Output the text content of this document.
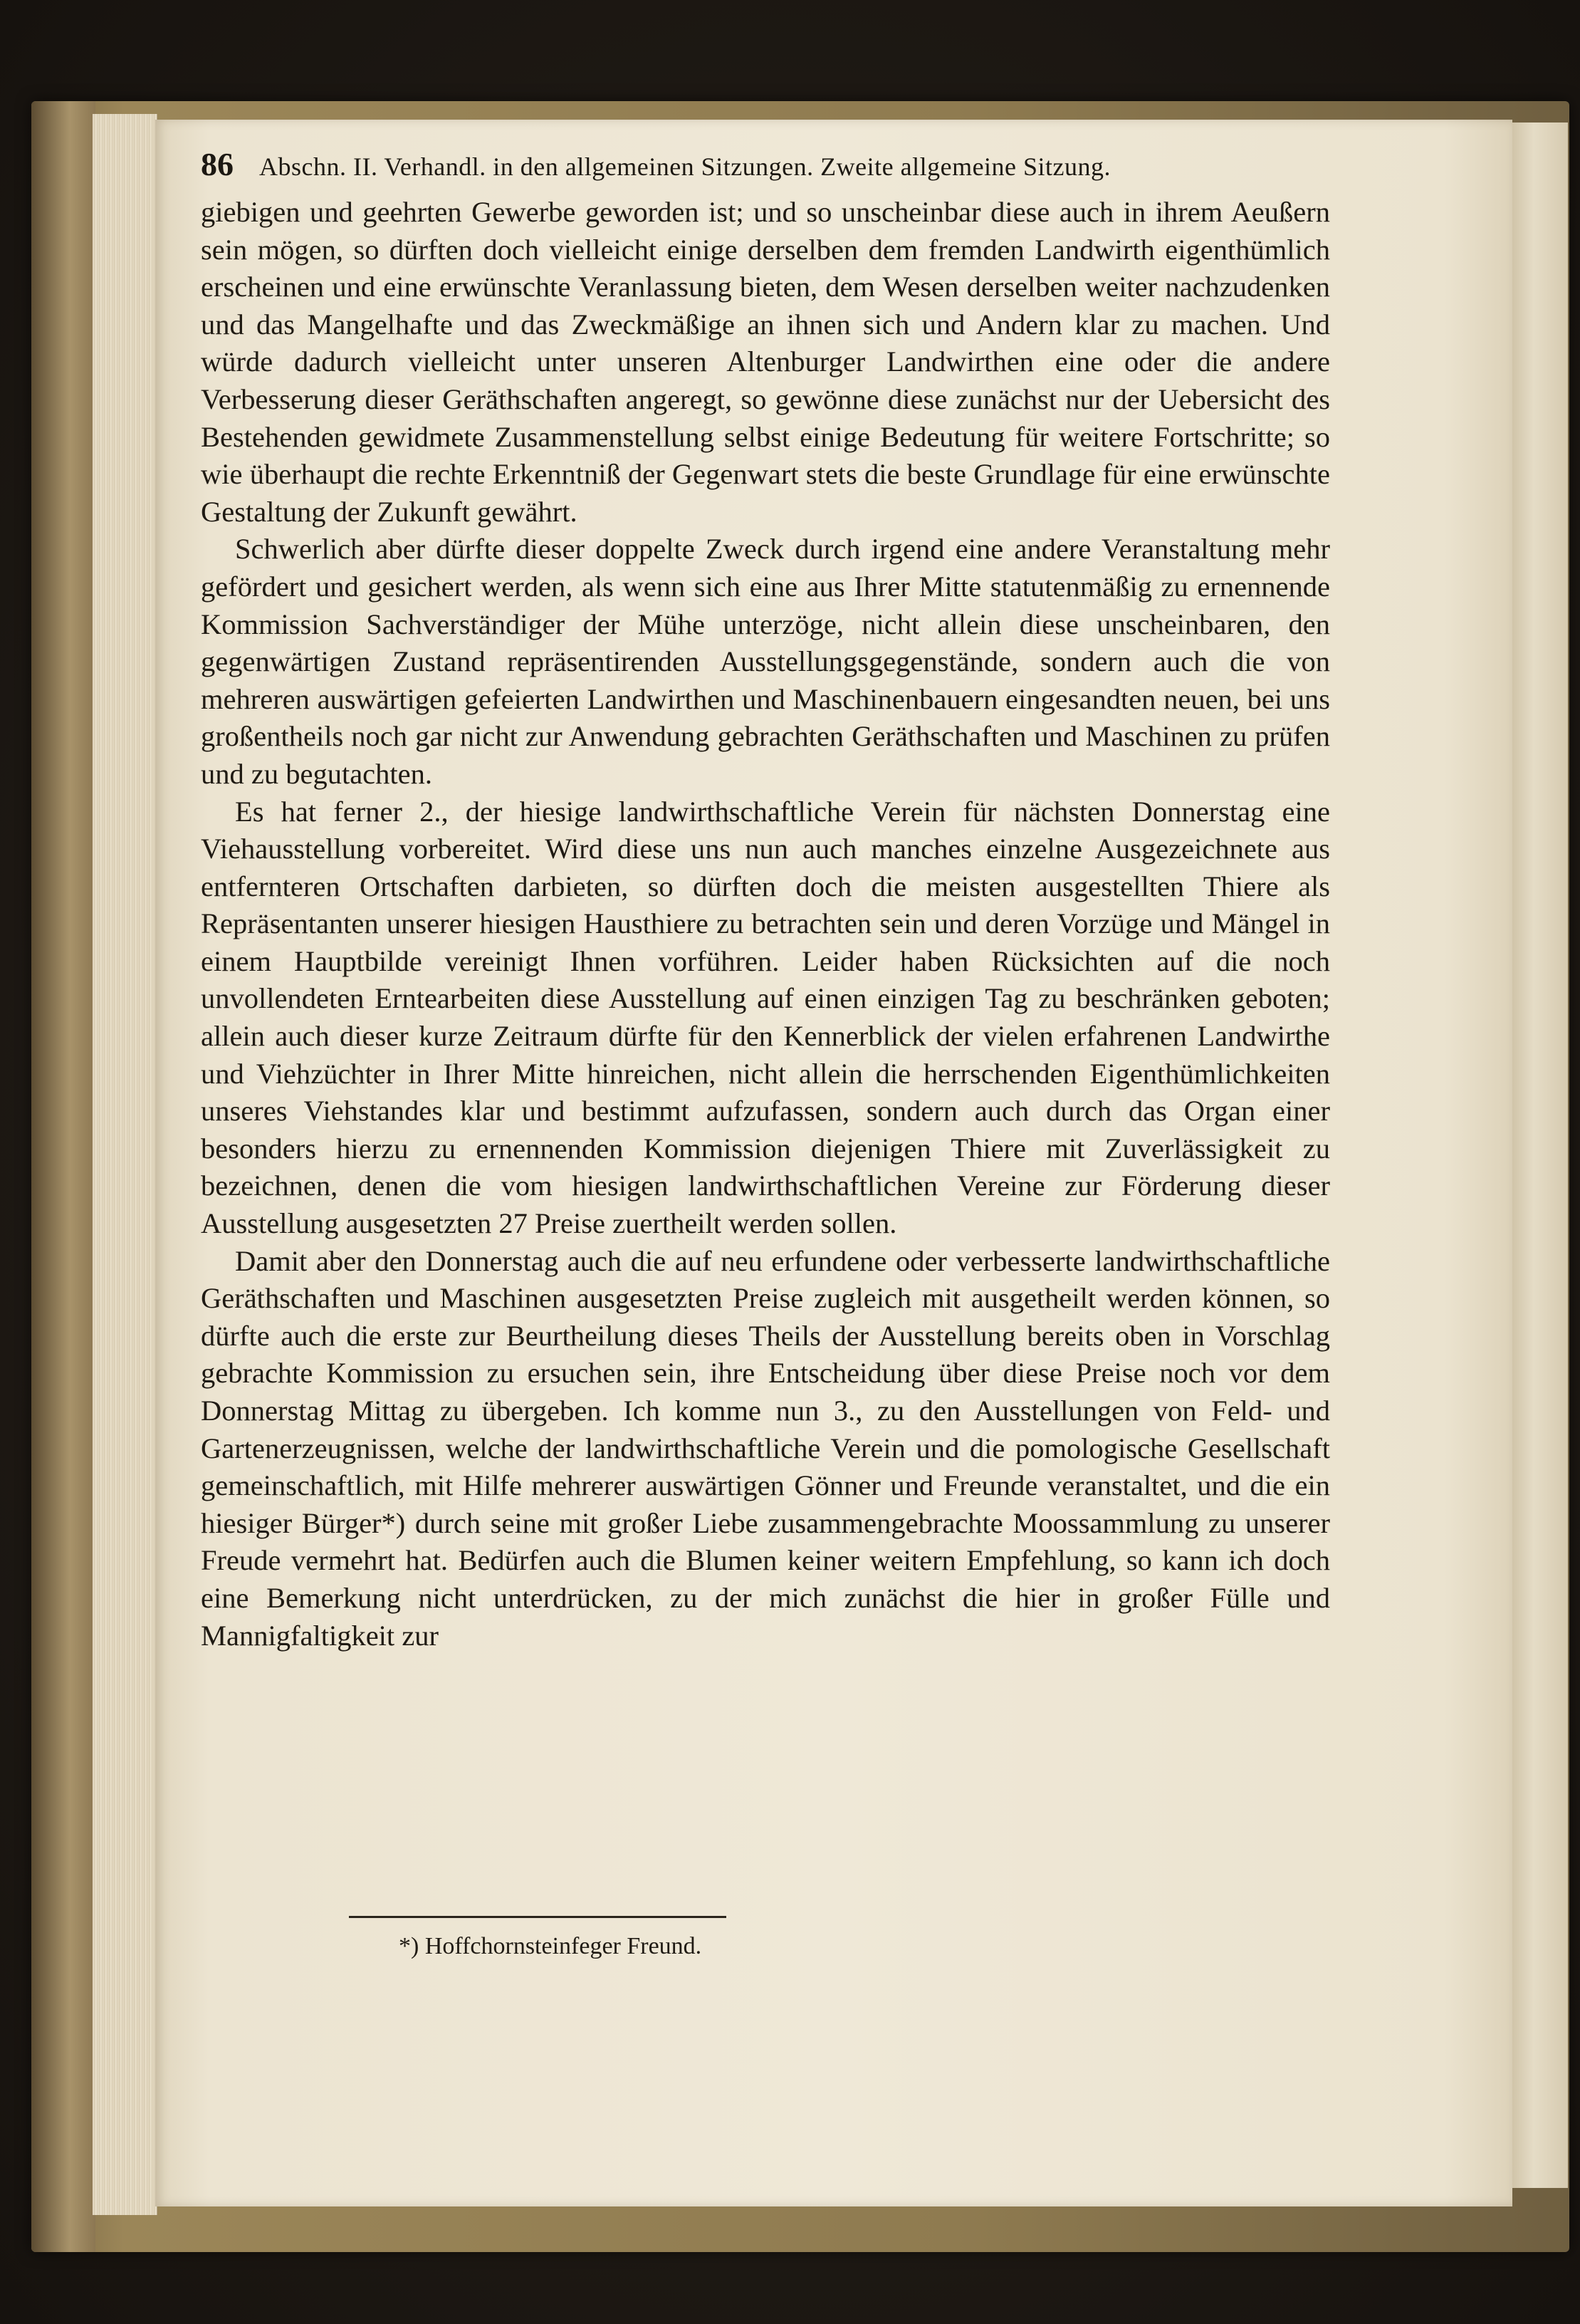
86 Abschn. II. Verhandl. in den allgemeinen Sitzungen. Zweite allgemeine Sitzung.

giebigen und geehrten Gewerbe geworden ist; und so unscheinbar diese auch in ihrem Aeußern sein mögen, so dürften doch vielleicht einige derselben dem fremden Landwirth eigenthümlich erscheinen und eine erwünschte Veranlassung bieten, dem Wesen derselben weiter nachzudenken und das Mangelhafte und das Zweckmäßige an ihnen sich und Andern klar zu machen. Und würde dadurch vielleicht unter unseren Altenburger Landwirthen eine oder die andere Verbesserung dieser Geräthschaften angeregt, so gewönne diese zunächst nur der Uebersicht des Bestehenden gewidmete Zusammenstellung selbst einige Bedeutung für weitere Fortschritte; so wie überhaupt die rechte Erkenntniß der Gegenwart stets die beste Grundlage für eine erwünschte Gestaltung der Zukunft gewährt.

Schwerlich aber dürfte dieser doppelte Zweck durch irgend eine andere Veranstaltung mehr gefördert und gesichert werden, als wenn sich eine aus Ihrer Mitte statutenmäßig zu ernennende Kommission Sachverständiger der Mühe unterzöge, nicht allein diese unscheinbaren, den gegenwärtigen Zustand repräsentirenden Ausstellungsgegenstände, sondern auch die von mehreren auswärtigen gefeierten Landwirthen und Maschinenbauern eingesandten neuen, bei uns großentheils noch gar nicht zur Anwendung gebrachten Geräthschaften und Maschinen zu prüfen und zu begutachten.

Es hat ferner 2., der hiesige landwirthschaftliche Verein für nächsten Donnerstag eine Viehausstellung vorbereitet. Wird diese uns nun auch manches einzelne Ausgezeichnete aus entfernteren Ortschaften darbieten, so dürften doch die meisten ausgestellten Thiere als Repräsentanten unserer hiesigen Hausthiere zu betrachten sein und deren Vorzüge und Mängel in einem Hauptbilde vereinigt Ihnen vorführen. Leider haben Rücksichten auf die noch unvollendeten Erntearbeiten diese Ausstellung auf einen einzigen Tag zu beschränken geboten; allein auch dieser kurze Zeitraum dürfte für den Kennerblick der vielen erfahrenen Landwirthe und Viehzüchter in Ihrer Mitte hinreichen, nicht allein die herrschenden Eigenthümlichkeiten unseres Viehstandes klar und bestimmt aufzufassen, sondern auch durch das Organ einer besonders hierzu zu ernennenden Kommission diejenigen Thiere mit Zuverlässigkeit zu bezeichnen, denen die vom hiesigen landwirthschaftlichen Vereine zur Förderung dieser Ausstellung ausgesetzten 27 Preise zuertheilt werden sollen.

Damit aber den Donnerstag auch die auf neu erfundene oder verbesserte landwirthschaftliche Geräthschaften und Maschinen ausgesetzten Preise zugleich mit ausgetheilt werden können, so dürfte auch die erste zur Beurtheilung dieses Theils der Ausstellung bereits oben in Vorschlag gebrachte Kommission zu ersuchen sein, ihre Entscheidung über diese Preise noch vor dem Donnerstag Mittag zu übergeben. Ich komme nun 3., zu den Ausstellungen von Feld- und Gartenerzeugnissen, welche der landwirthschaftliche Verein und die pomologische Gesellschaft gemeinschaftlich, mit Hilfe mehrerer auswärtigen Gönner und Freunde veranstaltet, und die ein hiesiger Bürger*) durch seine mit großer Liebe zusammengebrachte Moossammlung zu unserer Freude vermehrt hat. Bedürfen auch die Blumen keiner weitern Empfehlung, so kann ich doch eine Bemerkung nicht unterdrücken, zu der mich zunächst die hier in großer Fülle und Mannigfaltigkeit zur

*) Hoffchornsteinfeger Freund.
